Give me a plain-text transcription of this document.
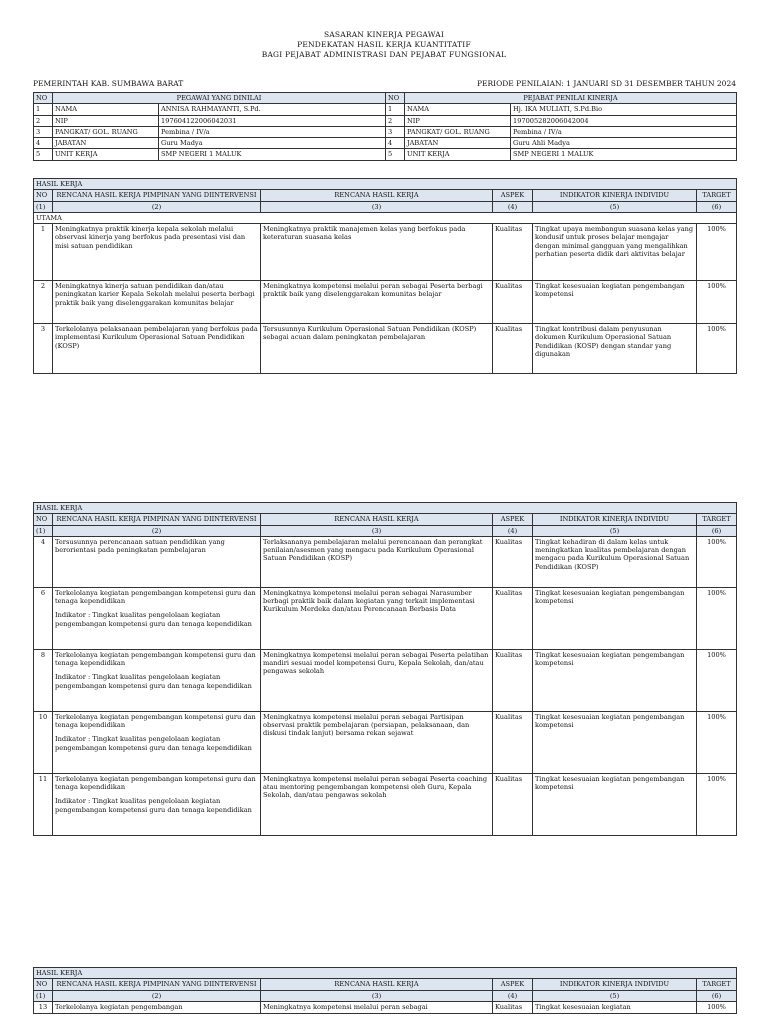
SASARAN KINERJA PEGAWAI
PENDEKATAN HASIL KERJA KUANTITATIF
BAGI PEJABAT ADMINISTRASI DAN PEJABAT FUNGSIONAL
PEMERINTAH KAB. SUMBAWA BARAT	PERIODE PENILAIAN: 1 JANUARI SD 31 DESEMBER TAHUN 2024
NO	PEGAWAI YANG DINILAI		NO	PEJABAT PENILAI KINERJA	
1	NAMA	ANNISA RAHMAYANTI, S.Pd.	1	NAMA	Hj. IKA MULIATI, S.Pd.Bio
2	NIP	197604122006042031	2	NIP	197005282006042004
3	PANGKAT/ GOL. RUANG	Pembina / IV/a	3	PANGKAT/ GOL. RUANG	Pembina / IV/a
4	JABATAN	Guru Madya	4	JABATAN	Guru Ahli Madya
5	UNIT KERJA	SMP NEGERI 1 MALUK	5	UNIT KERJA	SMP NEGERI 1 MALUK
HASIL KERJA					
NO	RENCANA HASIL KERJA PIMPINAN YANG DIINTERVENSI	RENCANA HASIL KERJA	ASPEK	INDIKATOR KINERJA INDIVIDU	TARGET
(1)	(2)	(3)	(4)	(5)	(6)
UTAMA					
1	Meningkatnya praktik kinerja kepala sekolah melalui observasi kinerja yang berfokus pada presentasi visi dan misi satuan pendidikan	Meningkatnya praktik manajemen kelas yang berfokus pada keteraturan suasana kelas	Kualitas	Tingkat upaya membangun suasana kelas yang kondusif untuk proses belajar mengajar dengan minimal gangguan yang mengalihkan perhatian peserta didik dari aktivitas belajar	100%
2	Meningkatnya kinerja satuan pendidikan dan/atau peningkatan karier Kepala Sekolah melalui peserta berbagi praktik baik yang diselenggarakan komunitas belajar	Meningkatnya kompetensi melalui peran sebagai Peserta berbagi praktik baik yang diselenggarakan komunitas belajar	Kualitas	Tingkat kesesuaian kegiatan pengembangan kompetensi	100%
3	Terkelolanya pelaksanaan pembelajaran yang berfokus pada implementasi Kurikulum Operasional Satuan Pendidikan (KOSP)	Tersusunnya Kurikulum Operasional Satuan Pendidikan (KOSP) sebagai acuan dalam peningkatan pembelajaran	Kualitas	Tingkat kontribusi dalam penyusunan dokumen Kurikulum Operasional Satuan Pendidikan (KOSP) dengan standar yang digunakan	100%
HASIL KERJA					
NO	RENCANA HASIL KERJA PIMPINAN YANG DIINTERVENSI	RENCANA HASIL KERJA	ASPEK	INDIKATOR KINERJA INDIVIDU	TARGET
(1)	(2)	(3)	(4)	(5)	(6)
4	Tersusunnya perencanaan satuan pendidikan yang berorientasi pada peningkatan pembelajaran	Terlaksananya pembelajaran melalui perencanaan dan perangkat penilaian/asesmen yang mengacu pada Kurikulum Operasional Satuan Pendidikan (KOSP)	Kualitas	Tingkat kehadiran di dalam kelas untuk meningkatkan kualitas pembelajaran dengan mengacu pada Kurikulum Operasional Satuan Pendidikan (KOSP)	100%
6	Terkelolanya kegiatan pengembangan kompetensi guru dan tenaga kependidikan
Indikator : Tingkat kualitas pengelolaan kegiatan pengembangan kompetensi guru dan tenaga kependidikan	Meningkatnya kompetensi melalui peran sebagai Narasumber berbagi praktik baik dalam kegiatan yang terkait implementasi Kurikulum Merdeka dan/atau Perencanaan Berbasis Data	Kualitas	Tingkat kesesuaian kegiatan pengembangan kompetensi	100%
8	Terkelolanya kegiatan pengembangan kompetensi guru dan tenaga kependidikan
Indikator : Tingkat kualitas pengelolaan kegiatan pengembangan kompetensi guru dan tenaga kependidikan	Meningkatnya kompetensi melalui peran sebagai Peserta pelatihan mandiri sesuai model kompetensi Guru, Kepala Sekolah, dan/atau pengawas sekolah	Kualitas	Tingkat kesesuaian kegiatan pengembangan kompetensi	100%
10	Terkelolanya kegiatan pengembangan kompetensi guru dan tenaga kependidikan
Indikator : Tingkat kualitas pengelolaan kegiatan pengembangan kompetensi guru dan tenaga kependidikan	Meningkatnya kompetensi melalui peran sebagai Partisipan observasi praktik pembelajaran (persiapan, pelaksanaan, dan diskusi tindak lanjut) bersama rekan sejawat	Kualitas	Tingkat kesesuaian kegiatan pengembangan kompetensi	100%
11	Terkelolanya kegiatan pengembangan kompetensi guru dan tenaga kependidikan
Indikator : Tingkat kualitas pengelolaan kegiatan pengembangan kompetensi guru dan tenaga kependidikan	Meningkatnya kompetensi melalui peran sebagai Peserta coaching atau mentoring pengembangan kompetensi oleh Guru, Kepala Sekolah, dan/atau pengawas sekolah	Kualitas	Tingkat kesesuaian kegiatan pengembangan kompetensi	100%
HASIL KERJA					
NO	RENCANA HASIL KERJA PIMPINAN YANG DIINTERVENSI	RENCANA HASIL KERJA	ASPEK	INDIKATOR KINERJA INDIVIDU	TARGET
(1)	(2)	(3)	(4)	(5)	(6)
13	Terkelolanya kegiatan pengembangan	Meningkatnya kompetensi melalui peran sebagai	Kualitas	Tingkat kesesuaian kegiatan	100%
